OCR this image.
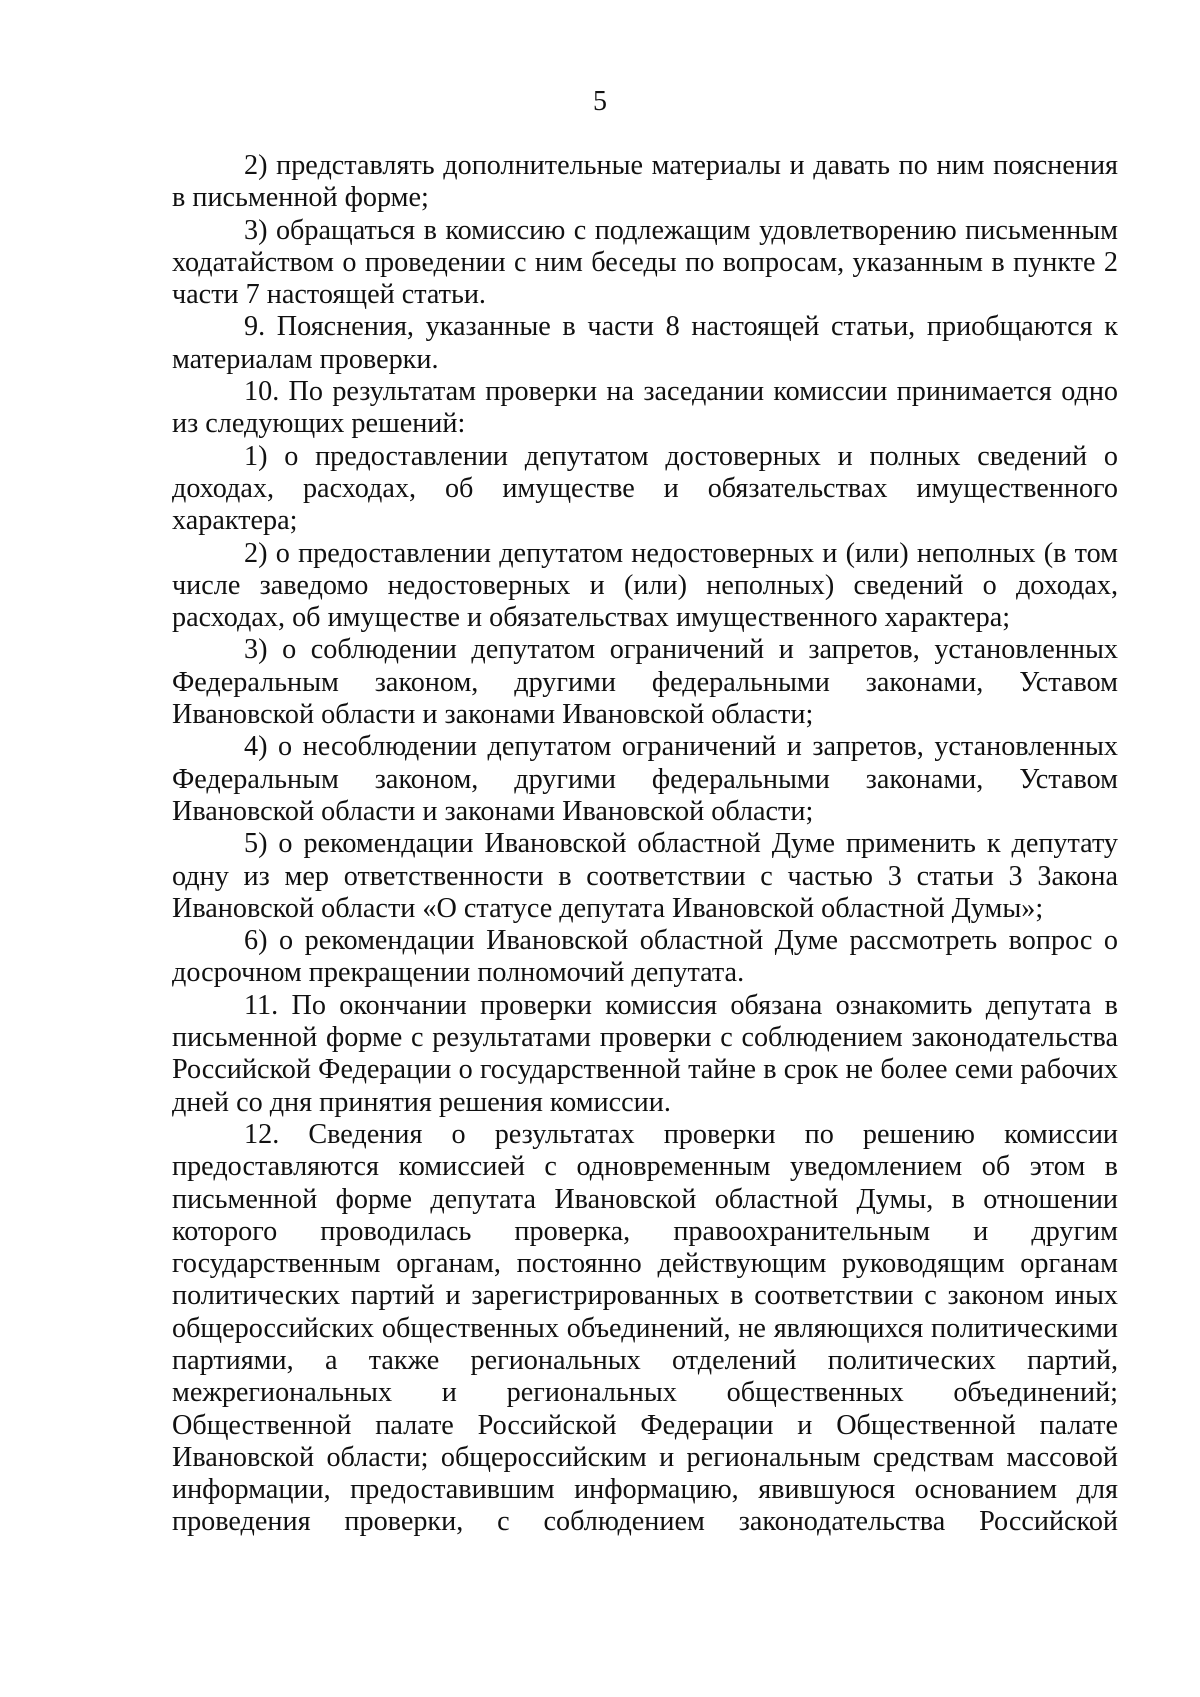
5

2) представлять дополнительные материалы и давать по ним пояснения в письменной форме;

3) обращаться в комиссию с подлежащим удовлетворению письменным ходатайством о проведении с ним беседы по вопросам, указанным в пункте 2 части 7 настоящей статьи.

9. Пояснения, указанные в части 8 настоящей статьи, приобщаются к материалам проверки.

10. По результатам проверки на заседании комиссии принимается одно из следующих решений:

1) о предоставлении депутатом достоверных и полных сведений о доходах, расходах, об имуществе и обязательствах имущественного характера;

2) о предоставлении депутатом недостоверных и (или) неполных (в том числе заведомо недостоверных и (или) неполных) сведений о доходах, расходах, об имуществе и обязательствах имущественного характера;

3) о соблюдении депутатом ограничений и запретов, установленных Федеральным законом, другими федеральными законами, Уставом Ивановской области и законами Ивановской области;

4) о несоблюдении депутатом ограничений и запретов, установленных Федеральным законом, другими федеральными законами, Уставом Ивановской области и законами Ивановской области;

5) о рекомендации Ивановской областной Думе применить к депутату одну из мер ответственности в соответствии с частью 3 статьи 3 Закона Ивановской области «О статусе депутата Ивановской областной Думы»;

6) о рекомендации Ивановской областной Думе рассмотреть вопрос о досрочном прекращении полномочий депутата.

11. По окончании проверки комиссия обязана ознакомить депутата в письменной форме с результатами проверки с соблюдением законодательства Российской Федерации о государственной тайне в срок не более семи рабочих дней со дня принятия решения комиссии.

12. Сведения о результатах проверки по решению комиссии предоставляются комиссией с одновременным уведомлением об этом в письменной форме депутата Ивановской областной Думы, в отношении которого проводилась проверка, правоохранительным и другим государственным органам, постоянно действующим руководящим органам политических партий и зарегистрированных в соответствии с законом иных общероссийских общественных объединений, не являющихся политическими партиями, а также региональных отделений политических партий, межрегиональных и региональных общественных объединений; Общественной палате Российской Федерации и Общественной палате Ивановской области; общероссийским и региональным средствам массовой информации, предоставившим информацию, явившуюся основанием для проведения проверки, с соблюдением законодательства Российской
